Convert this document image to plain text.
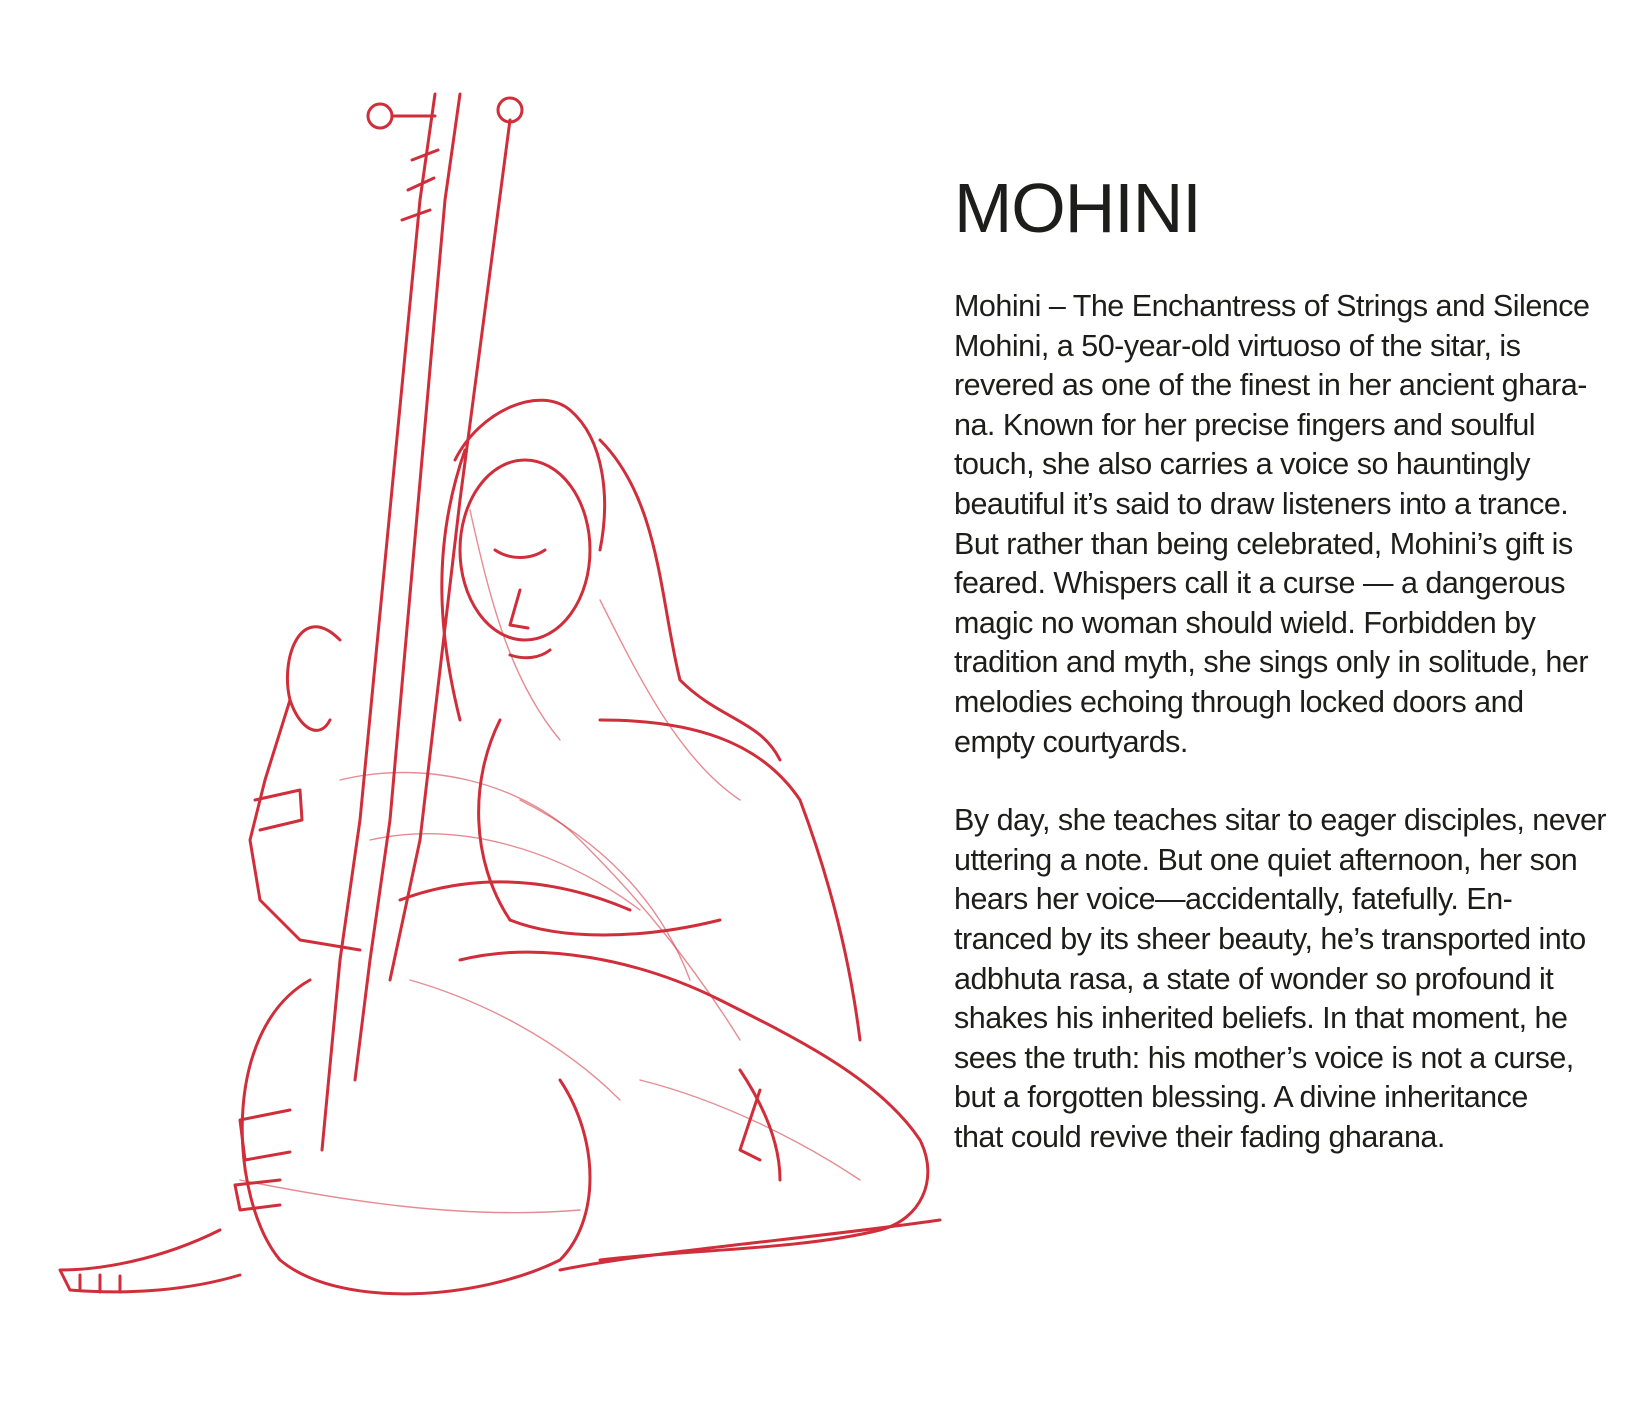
MOHINI

Mohini – The Enchantress of Strings and Silence
Mohini, a 50-year-old virtuoso of the sitar, is
revered as one of the finest in her ancient ghara-
na. Known for her precise fingers and soulful
touch, she also carries a voice so hauntingly
beautiful it’s said to draw listeners into a trance.
But rather than being celebrated, Mohini’s gift is
feared. Whispers call it a curse — a dangerous
magic no woman should wield. Forbidden by
tradition and myth, she sings only in solitude, her
melodies echoing through locked doors and
empty courtyards.

By day, she teaches sitar to eager disciples, never
uttering a note. But one quiet afternoon, her son
hears her voice—accidentally, fatefully. En-
tranced by its sheer beauty, he’s transported into
adbhuta rasa, a state of wonder so profound it
shakes his inherited beliefs. In that moment, he
sees the truth: his mother’s voice is not a curse,
but a forgotten blessing. A divine inheritance
that could revive their fading gharana.
